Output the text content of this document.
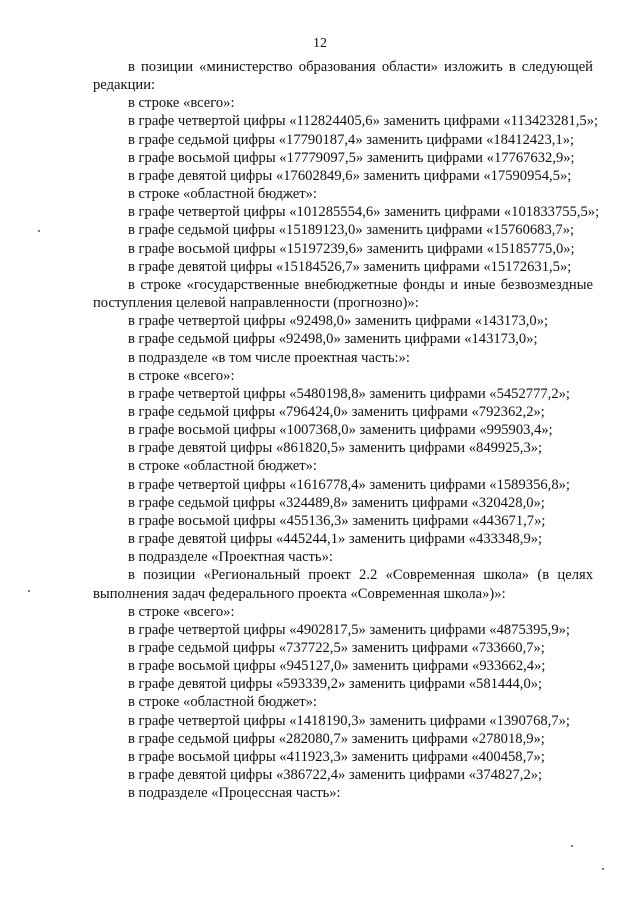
12
в позиции «министерство образования области» изложить в следующей редакции:
в строке «всего»:
в графе четвертой цифры «112824405,6» заменить цифрами «113423281,5»;
в графе седьмой цифры «17790187,4» заменить цифрами «18412423,1»;
в графе восьмой цифры «17779097,5» заменить цифрами «17767632,9»;
в графе девятой цифры «17602849,6» заменить цифрами «17590954,5»;
в строке «областной бюджет»:
в графе четвертой цифры «101285554,6» заменить цифрами «101833755,5»;
в графе седьмой цифры «15189123,0» заменить цифрами «15760683,7»;
в графе восьмой цифры «15197239,6» заменить цифрами «15185775,0»;
в графе девятой цифры «15184526,7» заменить цифрами «15172631,5»;
в строке «государственные внебюджетные фонды и иные безвозмездные поступления целевой направленности (прогнозно)»:
в графе четвертой цифры «92498,0» заменить цифрами «143173,0»;
в графе седьмой цифры «92498,0» заменить цифрами «143173,0»;
в подразделе «в том числе проектная часть:»:
в строке «всего»:
в графе четвертой цифры «5480198,8» заменить цифрами «5452777,2»;
в графе седьмой цифры «796424,0» заменить цифрами «792362,2»;
в графе восьмой цифры «1007368,0» заменить цифрами «995903,4»;
в графе девятой цифры «861820,5» заменить цифрами «849925,3»;
в строке «областной бюджет»:
в графе четвертой цифры «1616778,4» заменить цифрами «1589356,8»;
в графе седьмой цифры «324489,8» заменить цифрами «320428,0»;
в графе восьмой цифры «455136,3» заменить цифрами «443671,7»;
в графе девятой цифры «445244,1» заменить цифрами «433348,9»;
в подразделе «Проектная часть»:
в позиции «Региональный проект 2.2 «Современная школа» (в целях выполнения задач федерального проекта «Современная школа»)»:
в строке «всего»:
в графе четвертой цифры «4902817,5» заменить цифрами «4875395,9»;
в графе седьмой цифры «737722,5» заменить цифрами «733660,7»;
в графе восьмой цифры «945127,0» заменить цифрами «933662,4»;
в графе девятой цифры «593339,2» заменить цифрами «581444,0»;
в строке «областной бюджет»:
в графе четвертой цифры «1418190,3» заменить цифрами «1390768,7»;
в графе седьмой цифры «282080,7» заменить цифрами «278018,9»;
в графе восьмой цифры «411923,3» заменить цифрами «400458,7»;
в графе девятой цифры «386722,4» заменить цифрами «374827,2»;
в подразделе «Процессная часть»:
